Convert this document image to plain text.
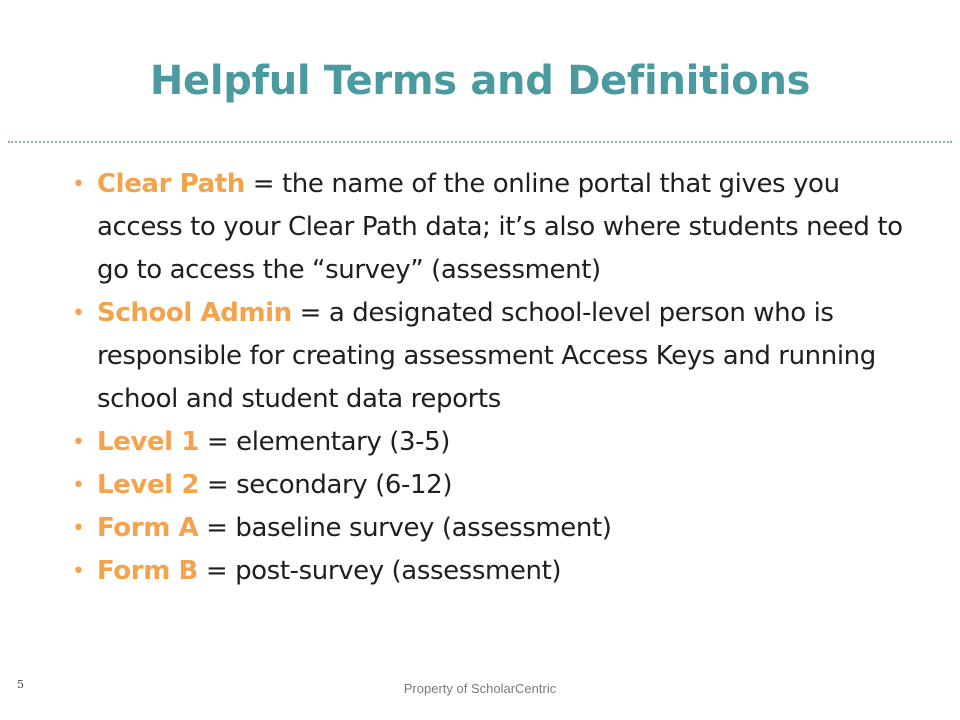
Helpful Terms and Definitions
• Clear Path = the name of the online portal that gives you access to your Clear Path data; it’s also where students need to go to access the “survey” (assessment)
• School Admin = a designated school-level person who is responsible for creating assessment Access Keys and running school and student data reports
• Level 1 = elementary (3-5)
• Level 2 = secondary (6-12)
• Form A = baseline survey (assessment)
• Form B = post-survey (assessment)
5	Property of ScholarCentric
